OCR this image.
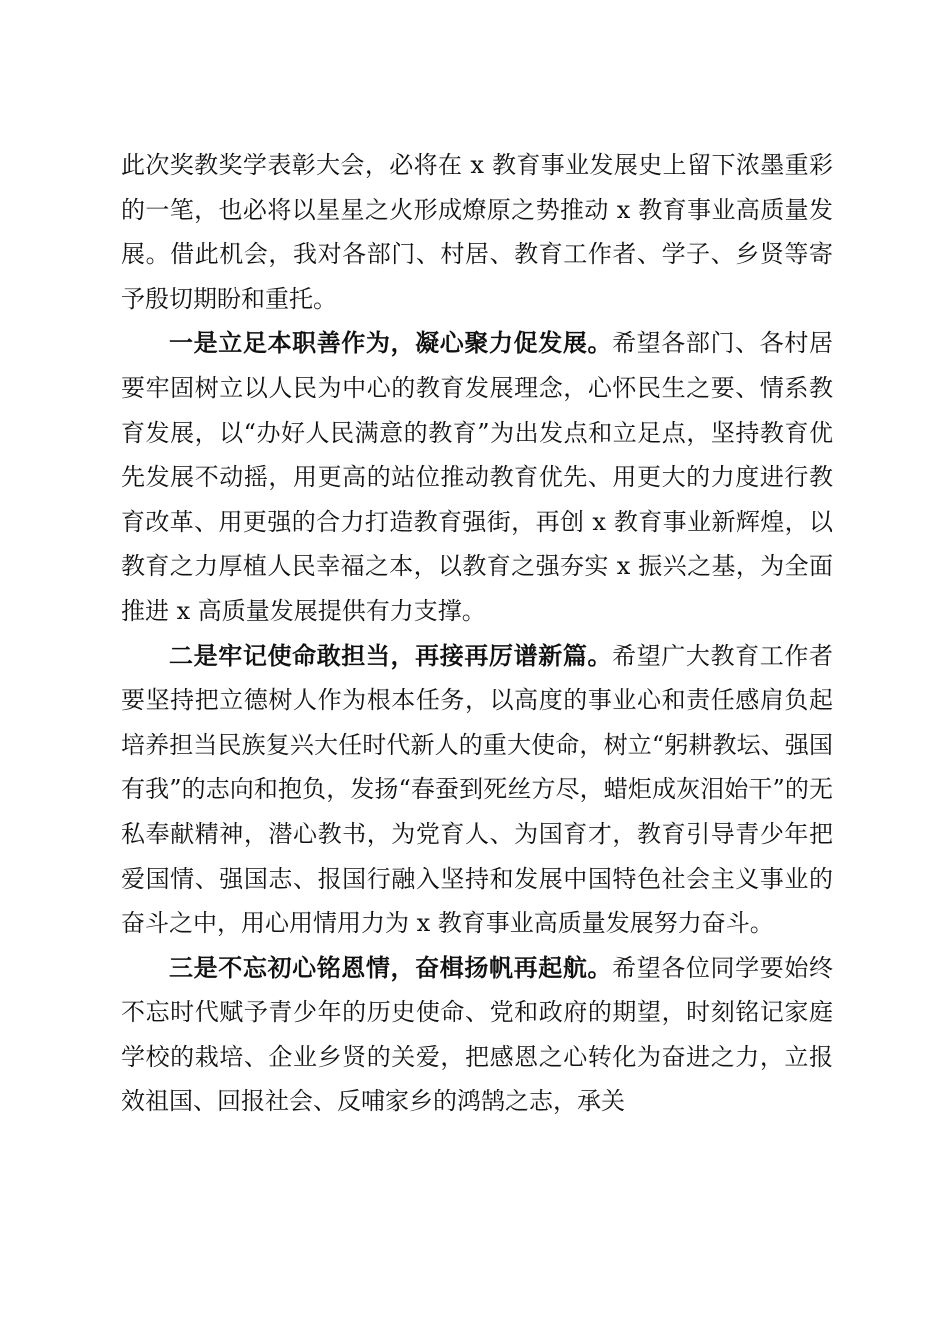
此次奖教奖学表彰大会，必将在 x 教育事业发展史上留下浓墨重彩的一笔，也必将以星星之火形成燎原之势推动 x 教育事业高质量发展。借此机会，我对各部门、村居、教育工作者、学子、乡贤等寄予殷切期盼和重托。

一是立足本职善作为，凝心聚力促发展。希望各部门、各村居要牢固树立以人民为中心的教育发展理念，心怀民生之要、情系教育发展，以“办好人民满意的教育”为出发点和立足点，坚持教育优先发展不动摇，用更高的站位推动教育优先、用更大的力度进行教育改革、用更强的合力打造教育强街，再创 x 教育事业新辉煌，以教育之力厚植人民幸福之本，以教育之强夯实 x 振兴之基，为全面推进 x 高质量发展提供有力支撑。

二是牢记使命敢担当，再接再厉谱新篇。希望广大教育工作者要坚持把立德树人作为根本任务，以高度的事业心和责任感肩负起培养担当民族复兴大任时代新人的重大使命，树立“躬耕教坛、强国有我”的志向和抱负，发扬“春蚕到死丝方尽，蜡炬成灰泪始干”的无私奉献精神，潜心教书，为党育人、为国育才，教育引导青少年把爱国情、强国志、报国行融入坚持和发展中国特色社会主义事业的奋斗之中，用心用情用力为 x 教育事业高质量发展努力奋斗。

三是不忘初心铭恩情，奋楫扬帆再起航。希望各位同学要始终不忘时代赋予青少年的历史使命、党和政府的期望，时刻铭记家庭学校的栽培、企业乡贤的关爱，把感恩之心转化为奋进之力，立报效祖国、回报社会、反哺家乡的鸿鹄之志，承关
